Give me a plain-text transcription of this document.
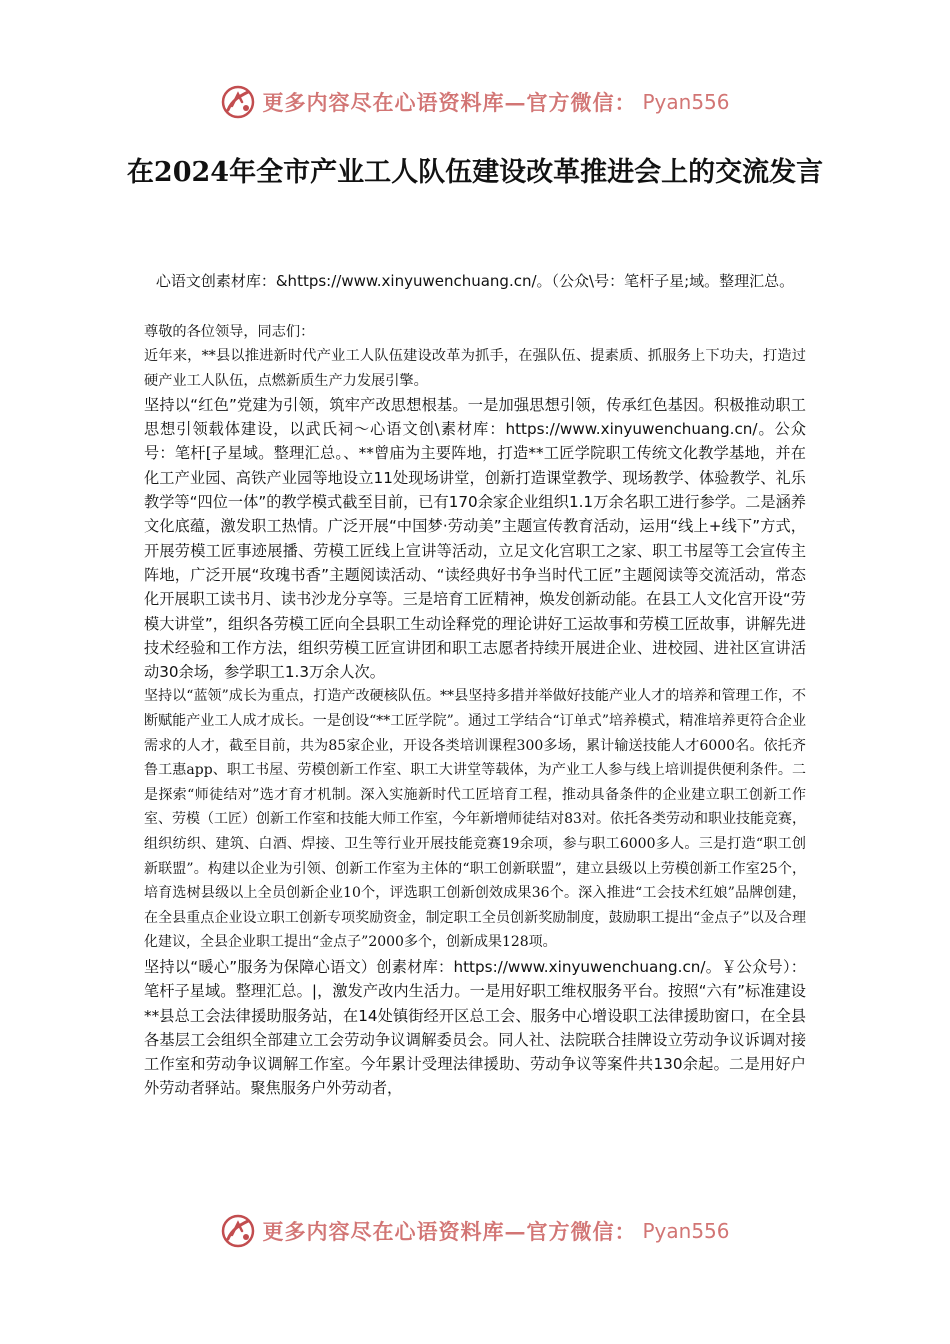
更多内容尽在心语资料库—官方微信： Pyan556
在2024年全市产业工人队伍建设改革推进会上的交流发言
心语文创素材库：&https://www.xinyuwenchuang.cn/。（公众\号：笔杆子星;域。整理汇总。

尊敬的各位领导，同志们：

近年来，**县以推进新时代产业工人队伍建设改革为抓手，在强队伍、提素质、抓服务上下功夫，打造过硬产业工人队伍，点燃新质生产力发展引擎。

坚持以“红色”党建为引领，筑牢产改思想根基。一是加强思想引领，传承红色基因。积极推动职工思想引领载体建设，以武氏祠～心语文创\素材库：https://www.xinyuwenchuang.cn/。公众号：笔杆[子星域。整理汇总。、**曾庙为主要阵地，打造**工匠学院职工传统文化教学基地，并在化工产业园、高铁产业园等地设立11处现场讲堂，创新打造课堂教学、现场教学、体验教学、礼乐教学等“四位一体”的教学模式截至目前，已有170余家企业组织1.1万余名职工进行参学。二是涵养文化底蕴，激发职工热情。广泛开展“中国梦·劳动美”主题宣传教育活动，运用“线上+线下”方式，开展劳模工匠事迹展播、劳模工匠线上宣讲等活动，立足文化宫职工之家、职工书屋等工会宣传主阵地，广泛开展“玫瑰书香”主题阅读活动、“读经典好书争当时代工匠”主题阅读等交流活动，常态化开展职工读书月、读书沙龙分享等。三是培育工匠精神，焕发创新动能。在县工人文化宫开设“劳模大讲堂”，组织各劳模工匠向全县职工生动诠释党的理论讲好工运故事和劳模工匠故事，讲解先进技术经验和工作方法，组织劳模工匠宣讲团和职工志愿者持续开展进企业、进校园、进社区宣讲活动30余场，参学职工1.3万余人次。

坚持以“蓝领”成长为重点，打造产改硬核队伍。**县坚持多措并举做好技能产业人才的培养和管理工作，不断赋能产业工人成才成长。一是创设“**工匠学院”。通过工学结合“订单式”培养模式，精准培养更符合企业需求的人才，截至目前，共为85家企业，开设各类培训课程300多场，累计输送技能人才6000名。依托齐鲁工惠app、职工书屋、劳模创新工作室、职工大讲堂等载体，为产业工人参与线上培训提供便利条件。二是探索“师徒结对”选才育才机制。深入实施新时代工匠培育工程，推动具备条件的企业建立职工创新工作室、劳模（工匠）创新工作室和技能大师工作室，今年新增师徒结对83对。依托各类劳动和职业技能竞赛，组织纺织、建筑、白酒、焊接、卫生等行业开展技能竞赛19余项，参与职工6000多人。三是打造“职工创新联盟”。构建以企业为引领、创新工作室为主体的“职工创新联盟”，建立县级以上劳模创新工作室25个，培育选树县级以上全员创新企业10个，评选职工创新创效成果36个。深入推进“工会技术红娘”品牌创建，在全县重点企业设立职工创新专项奖励资金，制定职工全员创新奖励制度，鼓励职工提出“金点子”以及合理化建议，全县企业职工提出“金点子”2000多个，创新成果128项。

坚持以“暖心”服务为保障心语文）创素材库：https://www.xinyuwenchuang.cn/。￥公众号）：笔杆子星域。整理汇总。|，激发产改内生活力。一是用好职工维权服务平台。按照“六有”标准建设**县总工会法律援助服务站，在14处镇街经开区总工会、服务中心增设职工法律援助窗口，在全县各基层工会组织全部建立工会劳动争议调解委员会。同人社、法院联合挂牌设立劳动争议诉调对接工作室和劳动争议调解工作室。今年累计受理法律援助、劳动争议等案件共130余起。二是用好户外劳动者驿站。聚焦服务户外劳动者，

更多内容尽在心语资料库—官方微信： Pyan556
